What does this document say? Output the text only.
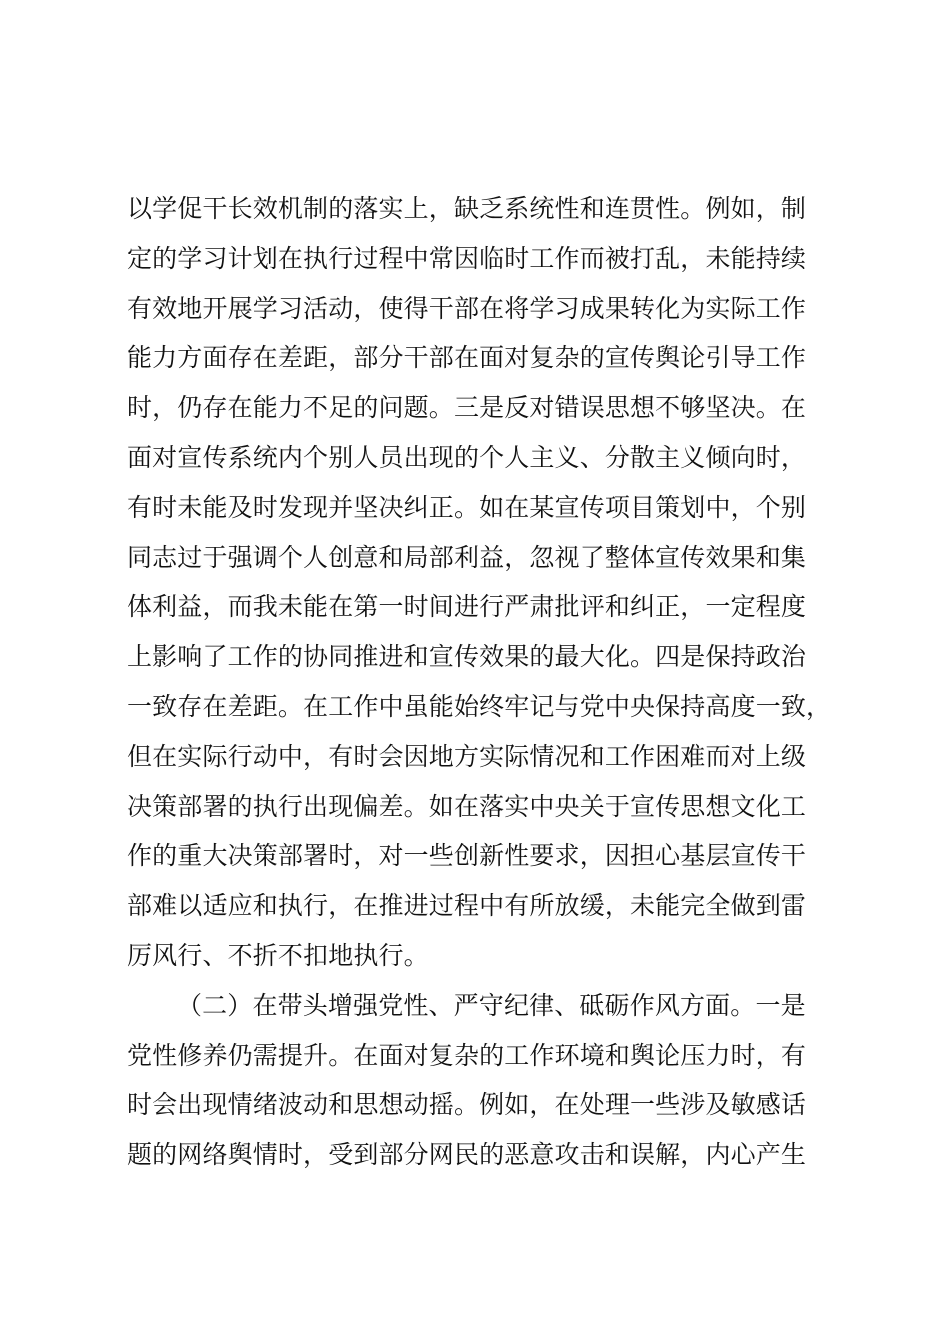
以学促干长效机制的落实上，缺乏系统性和连贯性。例如，制
定的学习计划在执行过程中常因临时工作而被打乱，未能持续
有效地开展学习活动，使得干部在将学习成果转化为实际工作
能力方面存在差距，部分干部在面对复杂的宣传舆论引导工作
时，仍存在能力不足的问题。三是反对错误思想不够坚决。在
面对宣传系统内个别人员出现的个人主义、分散主义倾向时，
有时未能及时发现并坚决纠正。如在某宣传项目策划中，个别
同志过于强调个人创意和局部利益，忽视了整体宣传效果和集
体利益，而我未能在第一时间进行严肃批评和纠正，一定程度
上影响了工作的协同推进和宣传效果的最大化。四是保持政治
一致存在差距。在工作中虽能始终牢记与党中央保持高度一致，
但在实际行动中，有时会因地方实际情况和工作困难而对上级
决策部署的执行出现偏差。如在落实中央关于宣传思想文化工
作的重大决策部署时，对一些创新性要求，因担心基层宣传干
部难以适应和执行，在推进过程中有所放缓，未能完全做到雷
厉风行、不折不扣地执行。
（二）在带头增强党性、严守纪律、砥砺作风方面。一是
党性修养仍需提升。在面对复杂的工作环境和舆论压力时，有
时会出现情绪波动和思想动摇。例如，在处理一些涉及敏感话
题的网络舆情时，受到部分网民的恶意攻击和误解，内心产生
